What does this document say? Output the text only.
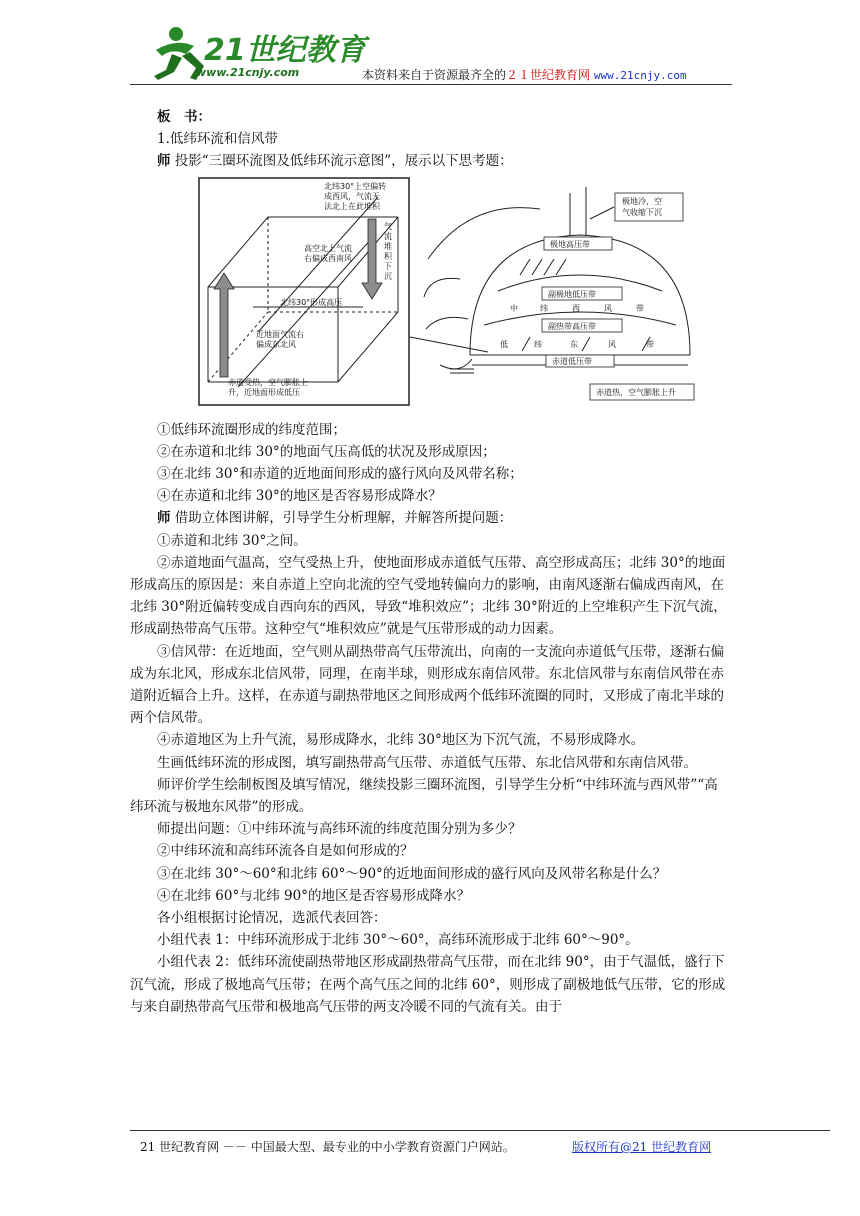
21世纪教育
www.21cnjy.com	本资料来自于资源最齐全的２１世纪教育网 www.21cnjy.com

板　书：

1.低纬环流和信风带

师 投影“三圈环流图及低纬环流示意图”，展示以下思考题：

北纬30°上空偏转
成西风，气流无
法北上在此堆积
气
流
堆
积
下
沉
高空北上气流
右偏成西南风
北纬30°形成高压
近地面气流右
偏成东北风
赤道受热，空气膨胀上
升，近地面形成低压
极地冷，空
气收缩下沉
极地高压带
副极地低压带
中	纬	西	风	带
副热带高压带
低	纬	东	风	带
赤道低压带
赤道热，空气膨胀上升

①低纬环流圈形成的纬度范围；

②在赤道和北纬 30°的地面气压高低的状况及形成原因；

③在北纬 30°和赤道的近地面间形成的盛行风向及风带名称；

④在赤道和北纬 30°的地区是否容易形成降水？

师 借助立体图讲解，引导学生分析理解，并解答所提问题：

①赤道和北纬 30°之间。

②赤道地面气温高，空气受热上升，使地面形成赤道低气压带、高空形成高压；北纬 30°的地面形成高压的原因是：来自赤道上空向北流的空气受地转偏向力的影响，由南风逐渐右偏成西南风，在北纬 30°附近偏转变成自西向东的西风，导致“堆积效应”；北纬 30°附近的上空堆积产生下沉气流，形成副热带高气压带。这种空气“堆积效应”就是气压带形成的动力因素。

③信风带：在近地面，空气则从副热带高气压带流出，向南的一支流向赤道低气压带，逐渐右偏成为东北风，形成东北信风带，同理，在南半球，则形成东南信风带。东北信风带与东南信风带在赤道附近辐合上升。这样，在赤道与副热带地区之间形成两个低纬环流圈的同时，又形成了南北半球的两个信风带。

④赤道地区为上升气流，易形成降水，北纬 30°地区为下沉气流，不易形成降水。

生画低纬环流的形成图，填写副热带高气压带、赤道低气压带、东北信风带和东南信风带。

师评价学生绘制板图及填写情况，继续投影三圈环流图，引导学生分析“中纬环流与西风带”“高纬环流与极地东风带”的形成。

师提出问题：①中纬环流与高纬环流的纬度范围分别为多少？

②中纬环流和高纬环流各自是如何形成的？

③在北纬 30°～60°和北纬 60°～90°的近地面间形成的盛行风向及风带名称是什么？

④在北纬 60°与北纬 90°的地区是否容易形成降水？

各小组根据讨论情况，选派代表回答：

小组代表 1：中纬环流形成于北纬 30°～60°，高纬环流形成于北纬 60°～90°。

小组代表 2：低纬环流使副热带地区形成副热带高气压带，而在北纬 90°，由于气温低，盛行下沉气流，形成了极地高气压带；在两个高气压之间的北纬 60°，则形成了副极地低气压带，它的形成与来自副热带高气压带和极地高气压带的两支冷暖不同的气流有关。由于

21 世纪教育网 －－ 中国最大型、最专业的中小学教育资源门户网站。	版权所有@21 世纪教育网
